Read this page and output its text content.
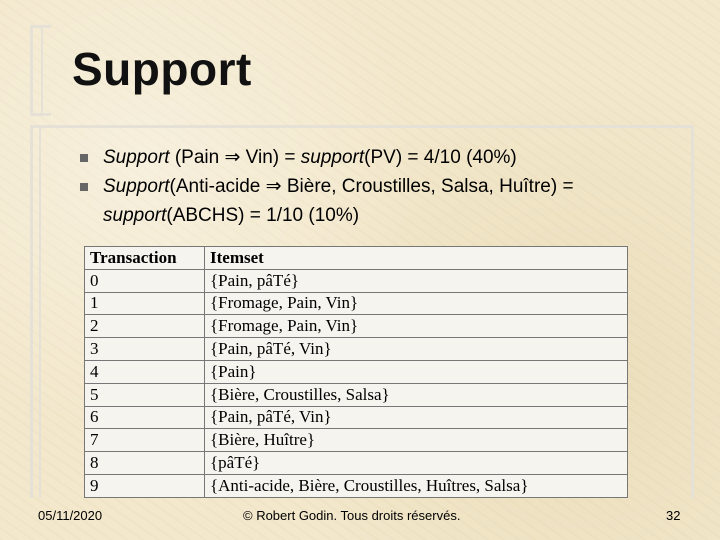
Support
Support (Pain ⇒ Vin) = support(PV) = 4/10 (40%)
Support(Anti-acide ⇒ Bière, Croustilles, Salsa, Huître) = support(ABCHS) = 1/10 (10%)
Transaction	Itemset
0	{Pain, pâTé}
1	{Fromage, Pain, Vin}
2	{Fromage, Pain, Vin}
3	{Pain, pâTé, Vin}
4	{Pain}
5	{Bière, Croustilles, Salsa}
6	{Pain, pâTé, Vin}
7	{Bière, Huître}
8	{pâTé}
9	{Anti-acide, Bière, Croustilles, Huîtres, Salsa}
05/11/2020	© Robert Godin. Tous droits réservés.	32
